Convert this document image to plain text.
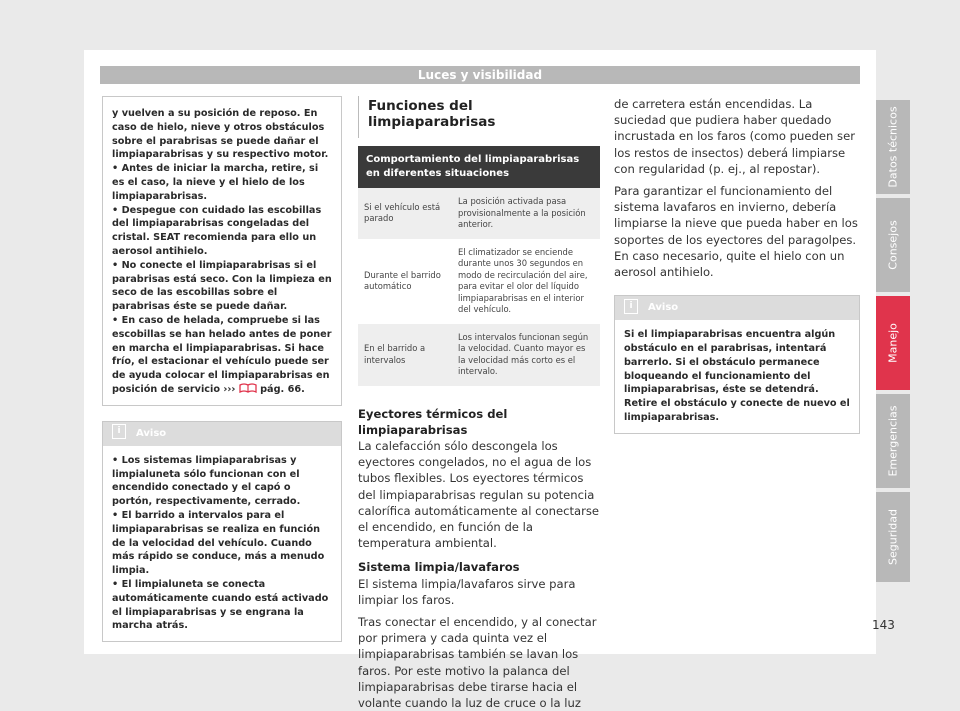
Luces y visibilidad

y vuelven a su posición de reposo. En caso de hielo, nieve y otros obstáculos sobre el parabrisas se puede dañar el limpiaparabrisas y su respectivo motor.

• Antes de iniciar la marcha, retire, si es el caso, la nieve y el hielo de los limpiaparabrisas.

• Despegue con cuidado las escobillas del limpiaparabrisas congeladas del cristal. SEAT recomienda para ello un aerosol antihielo.

• No conecte el limpiaparabrisas si el parabrisas está seco. Con la limpieza en seco de las escobillas sobre el parabrisas éste se puede dañar.

• En caso de helada, compruebe si las escobillas se han helado antes de poner en marcha el limpiaparabrisas. Si hace frío, el estacionar el vehículo puede ser de ayuda colocar el limpiaparabrisas en posición de servicio ›››	pág. 66.

i Aviso

• Los sistemas limpiaparabrisas y limpialuneta sólo funcionan con el encendido conectado y el capó o portón, respectivamente, cerrado.

• El barrido a intervalos para el limpiaparabrisas se realiza en función de la velocidad del vehículo. Cuando más rápido se conduce, más a menudo limpia.

• El limpialuneta se conecta automáticamente cuando está activado el limpiaparabrisas y se engrana la marcha atrás.

Funciones del limpiaparabrisas
Comportamiento del limpiaparabrisas en diferentes situaciones	
Si el vehículo está parado	La posición activada pasa provisionalmente a la posición anterior.
Durante el barrido automático	El climatizador se enciende durante unos 30 segundos en modo de recirculación del aire, para evitar el olor del líquido limpiaparabrisas en el interior del vehículo.
En el barrido a intervalos	Los intervalos funcionan según la velocidad. Cuanto mayor es la velocidad más corto es el intervalo.

Eyectores térmicos del limpiaparabrisas

La calefacción sólo descongela los eyectores congelados, no el agua de los tubos flexibles. Los eyectores térmicos del limpiaparabrisas regulan su potencia calorífica automáticamente al conectarse el encendido, en función de la temperatura ambiental.

Sistema limpia/lavafaros

El sistema limpia/lavafaros sirve para limpiar los faros.

Tras conectar el encendido, y al conectar por primera y cada quinta vez el limpiaparabrisas también se lavan los faros. Por este motivo la palanca del limpiaparabrisas debe tirarse hacia el volante cuando la luz de cruce o la luz

de carretera están encendidas. La suciedad que pudiera haber quedado incrustada en los faros (como pueden ser los restos de insectos) deberá limpiarse con regularidad (p. ej., al repostar).

Para garantizar el funcionamiento del sistema lavafaros en invierno, debería limpiarse la nieve que pueda haber en los soportes de los eyectores del paragolpes. En caso necesario, quite el hielo con un aerosol antihielo.

i Aviso

Si el limpiaparabrisas encuentra algún obstáculo en el parabrisas, intentará barrerlo. Si el obstáculo permanece bloqueando el funcionamiento del limpiaparabrisas, éste se detendrá. Retire el obstáculo y conecte de nuevo el limpiaparabrisas.

Datos técnicos
Consejos
Manejo
Emergencias
Seguridad
143
